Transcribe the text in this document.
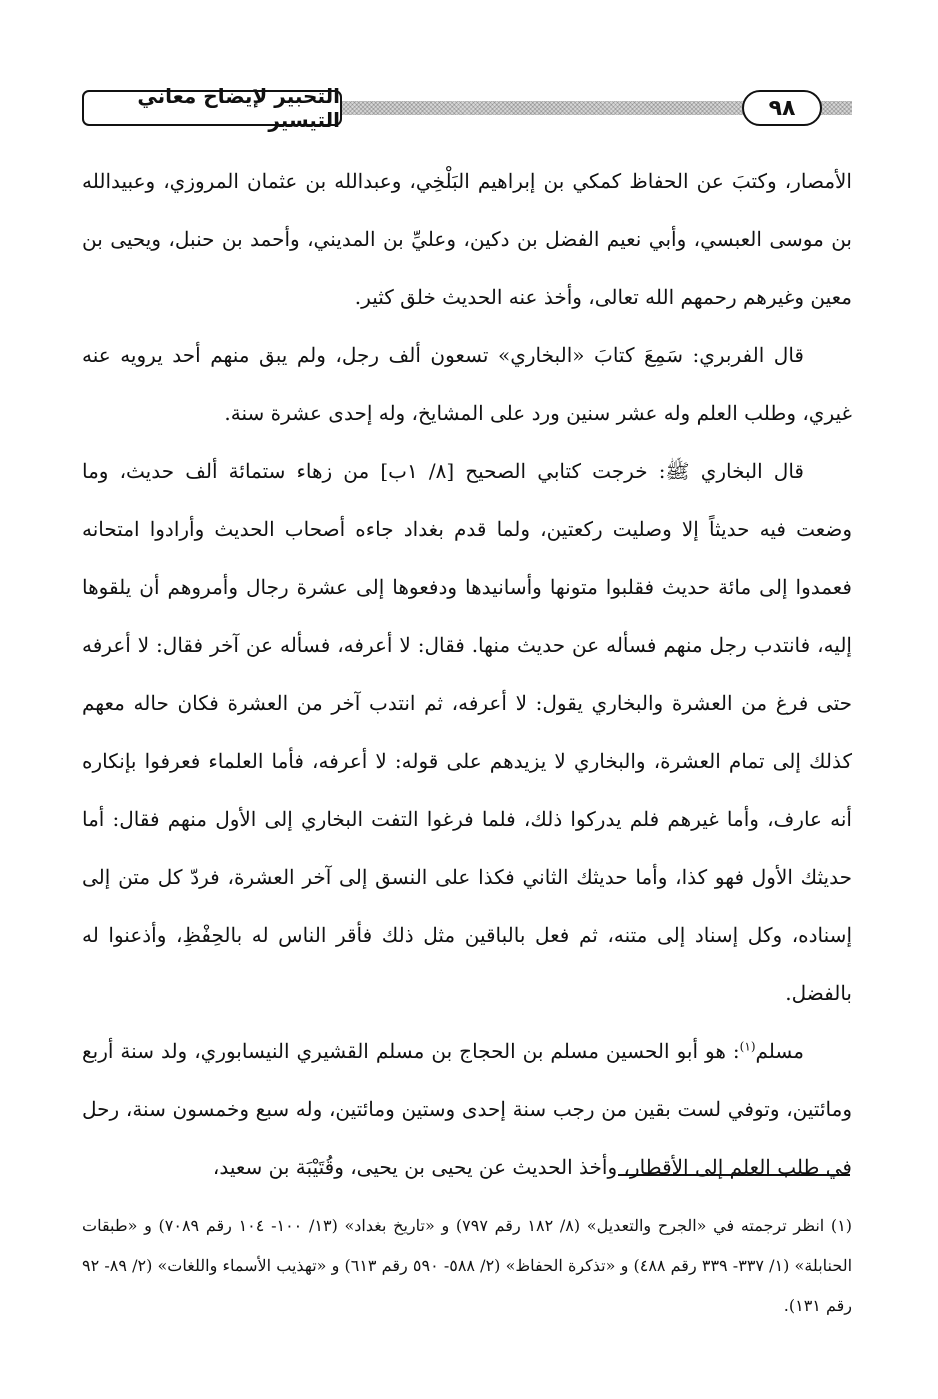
التحبير لإيضاح معاني التيسير	٩٨

الأمصار، وكتبَ عن الحفاظ كمكي بن إبراهيم البَلْخِي، وعبدالله بن عثمان المروزي، وعبيدالله بن موسى العبسي، وأبي نعيم الفضل بن دكين، وعليِّ بن المديني، وأحمد بن حنبل، ويحيى بن معين وغيرهم رحمهم الله تعالى، وأخذ عنه الحديث خلق كثير.

قال الفربري: سَمِعَ كتابَ «البخاري» تسعون ألف رجل، ولم يبق منهم أحد يرويه عنه غيري، وطلب العلم وله عشر سنين ورد على المشايخ، وله إحدى عشرة سنة.

قال البخاري ﷺ: خرجت كتابي الصحيح [٨/ ١ب] من زهاء ستمائة ألف حديث، وما وضعت فيه حديثاً إلا وصليت ركعتين، ولما قدم بغداد جاءه أصحاب الحديث وأرادوا امتحانه فعمدوا إلى مائة حديث فقلبوا متونها وأسانيدها ودفعوها إلى عشرة رجال وأمروهم أن يلقوها إليه، فانتدب رجل منهم فسأله عن حديث منها. فقال: لا أعرفه، فسأله عن آخر فقال: لا أعرفه حتى فرغ من العشرة والبخاري يقول: لا أعرفه، ثم انتدب آخر من العشرة فكان حاله معهم كذلك إلى تمام العشرة، والبخاري لا يزيدهم على قوله: لا أعرفه، فأما العلماء فعرفوا بإنكاره أنه عارف، وأما غيرهم فلم يدركوا ذلك، فلما فرغوا التفت البخاري إلى الأول منهم فقال: أما حديثك الأول فهو كذا، وأما حديثك الثاني فكذا على النسق إلى آخر العشرة، فردّ كل متن إلى إسناده، وكل إسناد إلى متنه، ثم فعل بالباقين مثل ذلك فأقر الناس له بالحِفْظِ، وأذعنوا له بالفضل.

مسلم$^{(١)}$: هو أبو الحسين مسلم بن الحجاج بن مسلم القشيري النيسابوري، ولد سنة أربع ومائتين، وتوفي لست بقين من رجب سنة إحدى وستين ومائتين، وله سبع وخمسون سنة، رحل في طلب العلم إلى الأقطار، وأخذ الحديث عن يحيى بن يحيى، وقُتَيْبَة بن سعيد،

(١) انظر ترجمته في «الجرح والتعديل» (٨/ ١٨٢ رقم ٧٩٧) و «تاريخ بغداد» (١٣/ ١٠٠- ١٠٤ رقم ٧٠٨٩) و «طبقات الحنابلة» (١/ ٣٣٧- ٣٣٩ رقم ٤٨٨) و «تذكرة الحفاظ» (٢/ ٥٨٨- ٥٩٠ رقم ٦١٣) و «تهذيب الأسماء واللغات» (٢/ ٨٩- ٩٢ رقم ١٣١).
